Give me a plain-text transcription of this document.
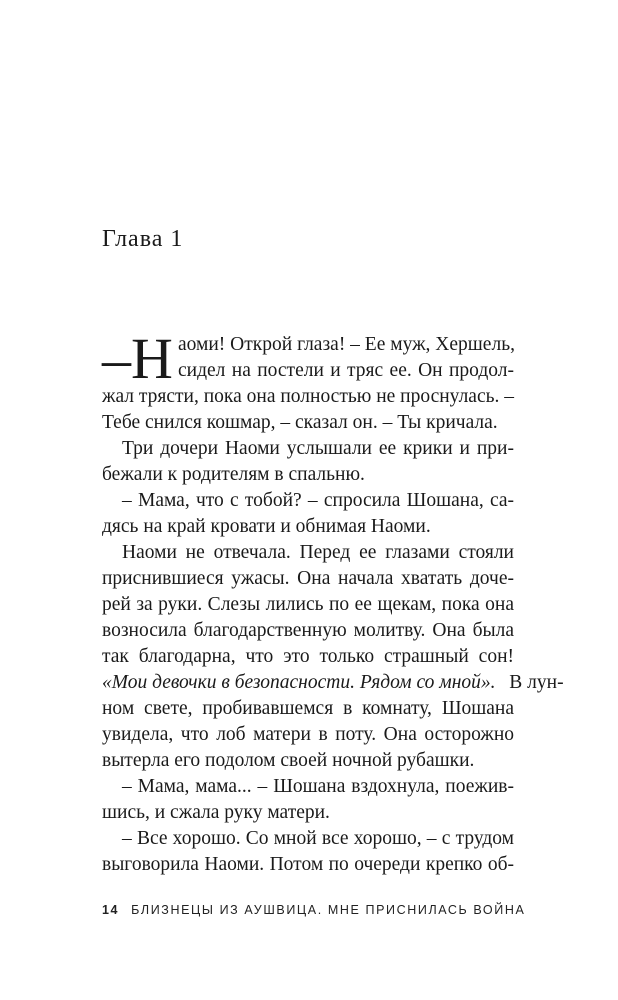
Глава 1
–Н аоми! Открой глаза! – Ее муж, Хершель,
сидел на постели и тряс ее. Он продол-
жал трясти, пока она полностью не проснулась. –
Тебе снился кошмар, – сказал он. – Ты кричала.
Три дочери Наоми услышали ее крики и при-
бежали к родителям в спальню.
– Мама, что с тобой? – спросила Шошана, са-
дясь на край кровати и обнимая Наоми.
Наоми не отвечала. Перед ее глазами стояли
приснившиеся ужасы. Она начала хватать доче-
рей за руки. Слезы лились по ее щекам, пока она
возносила благодарственную молитву. Она была
так благодарна, что это только страшный сон!
«Мои девочки в безопасности. Рядом со мной». В лун-
ном свете, пробивавшемся в комнату, Шошана
увидела, что лоб матери в поту. Она осторожно
вытерла его подолом своей ночной рубашки.
– Мама, мама... – Шошана вздохнула, поежив-
шись, и сжала руку матери.
– Все хорошо. Со мной все хорошо, – с трудом
выговорила Наоми. Потом по очереди крепко об-
14 БЛИЗНЕЦЫ ИЗ АУШВИЦА. МНЕ ПРИСНИЛАСЬ ВОЙНА
